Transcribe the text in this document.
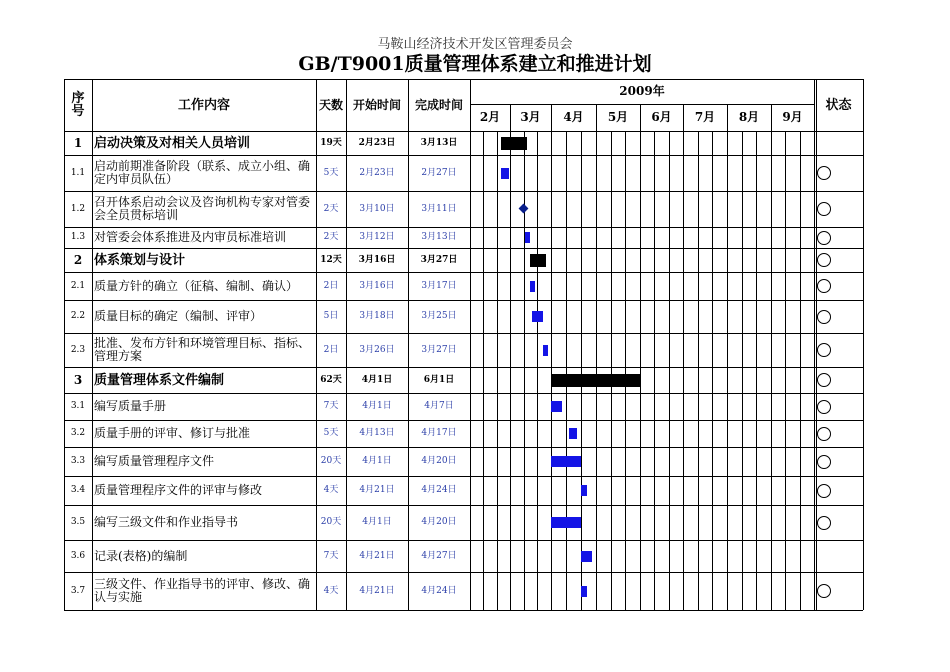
马鞍山经济技术开发区管理委员会
GB/T9001质量管理体系建立和推进计划
序号	工作内容	天数 开始时间	完成时间
2009年
状态
2月	3月	4月	5月	6月	7月	8月	9月
1 启动决策及对相关人员培训	19天	2月23日	3月13日
1.1 启动前期准备阶段（联系、成立小组、确定内审员队伍）	5天	2月23日	2月27日
1.2 召开体系启动会议及咨询机构专家对管委会全员贯标培训	2天	3月10日	3月11日
1.3 对管委会体系推进及内审员标准培训	2天	3月12日	3月13日
2 体系策划与设计	12天	3月16日	3月27日
2.1 质量方针的确立（征稿、编制、确认）	2日	3月16日	3月17日
2.2 质量目标的确定（编制、评审）	5日	3月18日	3月25日
2.3 批准、发布方针和环境管理目标、指标、管理方案	2日	3月26日	3月27日
3 质量管理体系文件编制	62天	4月1日	6月1日
3.1 编写质量手册	7天	4月1日	4月7日
3.2 质量手册的评审、修订与批准	5天	4月13日	4月17日
3.3 编写质量管理程序文件	20天	4月1日	4月20日
3.4 质量管理程序文件的评审与修改	4天	4月21日	4月24日
3.5 编写三级文件和作业指导书	20天	4月1日	4月20日
3.6 记录(表格)的编制	7天	4月21日	4月27日
3.7 三级文件、作业指导书的评审、修改、确认与实施	4天	4月21日	4月24日
